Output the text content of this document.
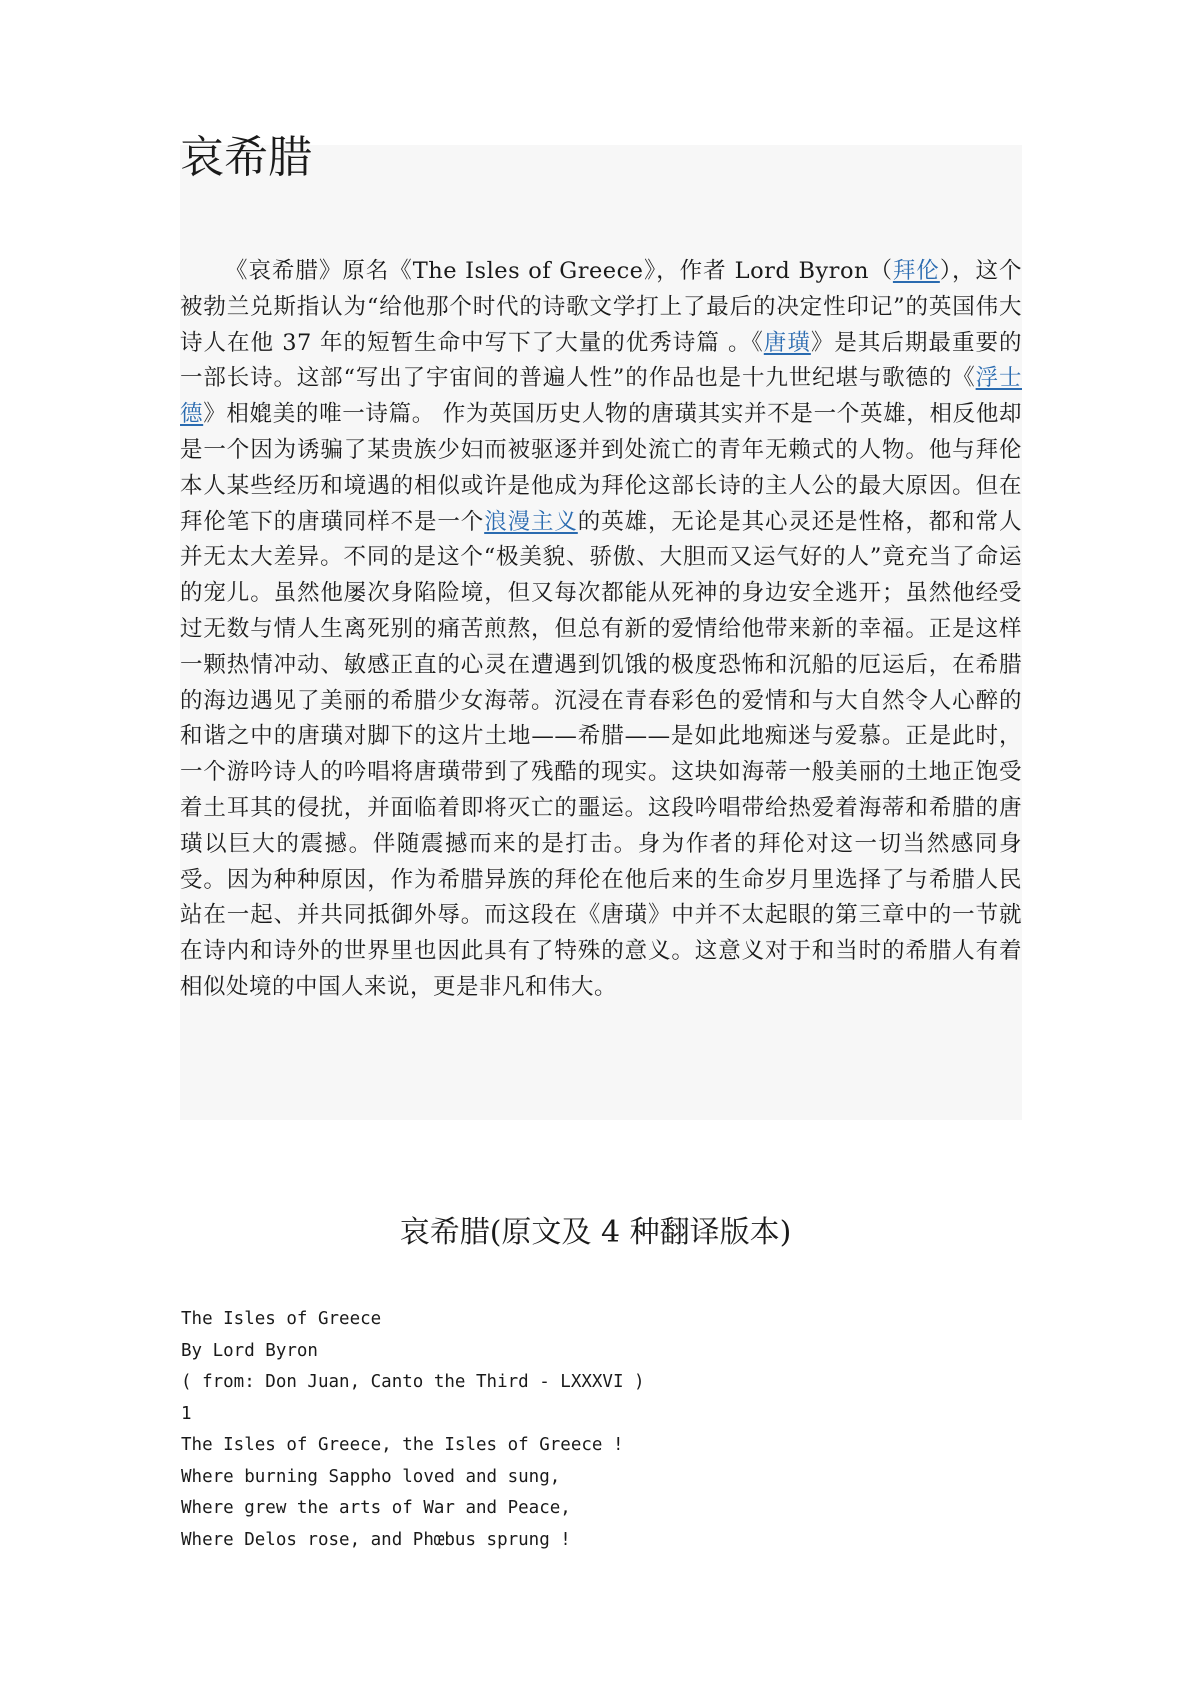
哀希腊

《哀希腊》原名《The Isles of Greece》，作者 Lord Byron（拜伦），这个被勃兰兑斯指认为“给他那个时代的诗歌文学打上了最后的决定性印记”的英国伟大诗人在他 37 年的短暂生命中写下了大量的优秀诗篇 。《唐璜》是其后期最重要的一部长诗。这部“写出了宇宙间的普遍人性”的作品也是十九世纪堪与歌德的《浮士德》相媲美的唯一诗篇。 作为英国历史人物的唐璜其实并不是一个英雄，相反他却是一个因为诱骗了某贵族少妇而被驱逐并到处流亡的青年无赖式的人物。他与拜伦本人某些经历和境遇的相似或许是他成为拜伦这部长诗的主人公的最大原因。但在拜伦笔下的唐璜同样不是一个浪漫主义的英雄，无论是其心灵还是性格，都和常人并无太大差异。不同的是这个“极美貌、骄傲、大胆而又运气好的人”竟充当了命运的宠儿。虽然他屡次身陷险境，但又每次都能从死神的身边安全逃开；虽然他经受过无数与情人生离死别的痛苦煎熬，但总有新的爱情给他带来新的幸福。正是这样一颗热情冲动、敏感正直的心灵在遭遇到饥饿的极度恐怖和沉船的厄运后，在希腊的海边遇见了美丽的希腊少女海蒂。沉浸在青春彩色的爱情和与大自然令人心醉的和谐之中的唐璜对脚下的这片土地——希腊——是如此地痴迷与爱慕。正是此时，一个游吟诗人的吟唱将唐璜带到了残酷的现实。这块如海蒂一般美丽的土地正饱受着土耳其的侵扰，并面临着即将灭亡的噩运。这段吟唱带给热爱着海蒂和希腊的唐璜以巨大的震撼。伴随震撼而来的是打击。身为作者的拜伦对这一切当然感同身受。因为种种原因，作为希腊异族的拜伦在他后来的生命岁月里选择了与希腊人民站在一起、并共同抵御外辱。而这段在《唐璜》中并不太起眼的第三章中的一节就在诗内和诗外的世界里也因此具有了特殊的意义。这意义对于和当时的希腊人有着相似处境的中国人来说，更是非凡和伟大。

哀希腊(原文及 4 种翻译版本)
The Isles of Greece
By Lord Byron
( from: Don Juan, Canto the Third - LXXXVI )
1
The Isles of Greece, the Isles of Greece !
Where burning Sappho loved and sung,
Where grew the arts of War and Peace,
Where Delos rose, and Phœbus sprung !
